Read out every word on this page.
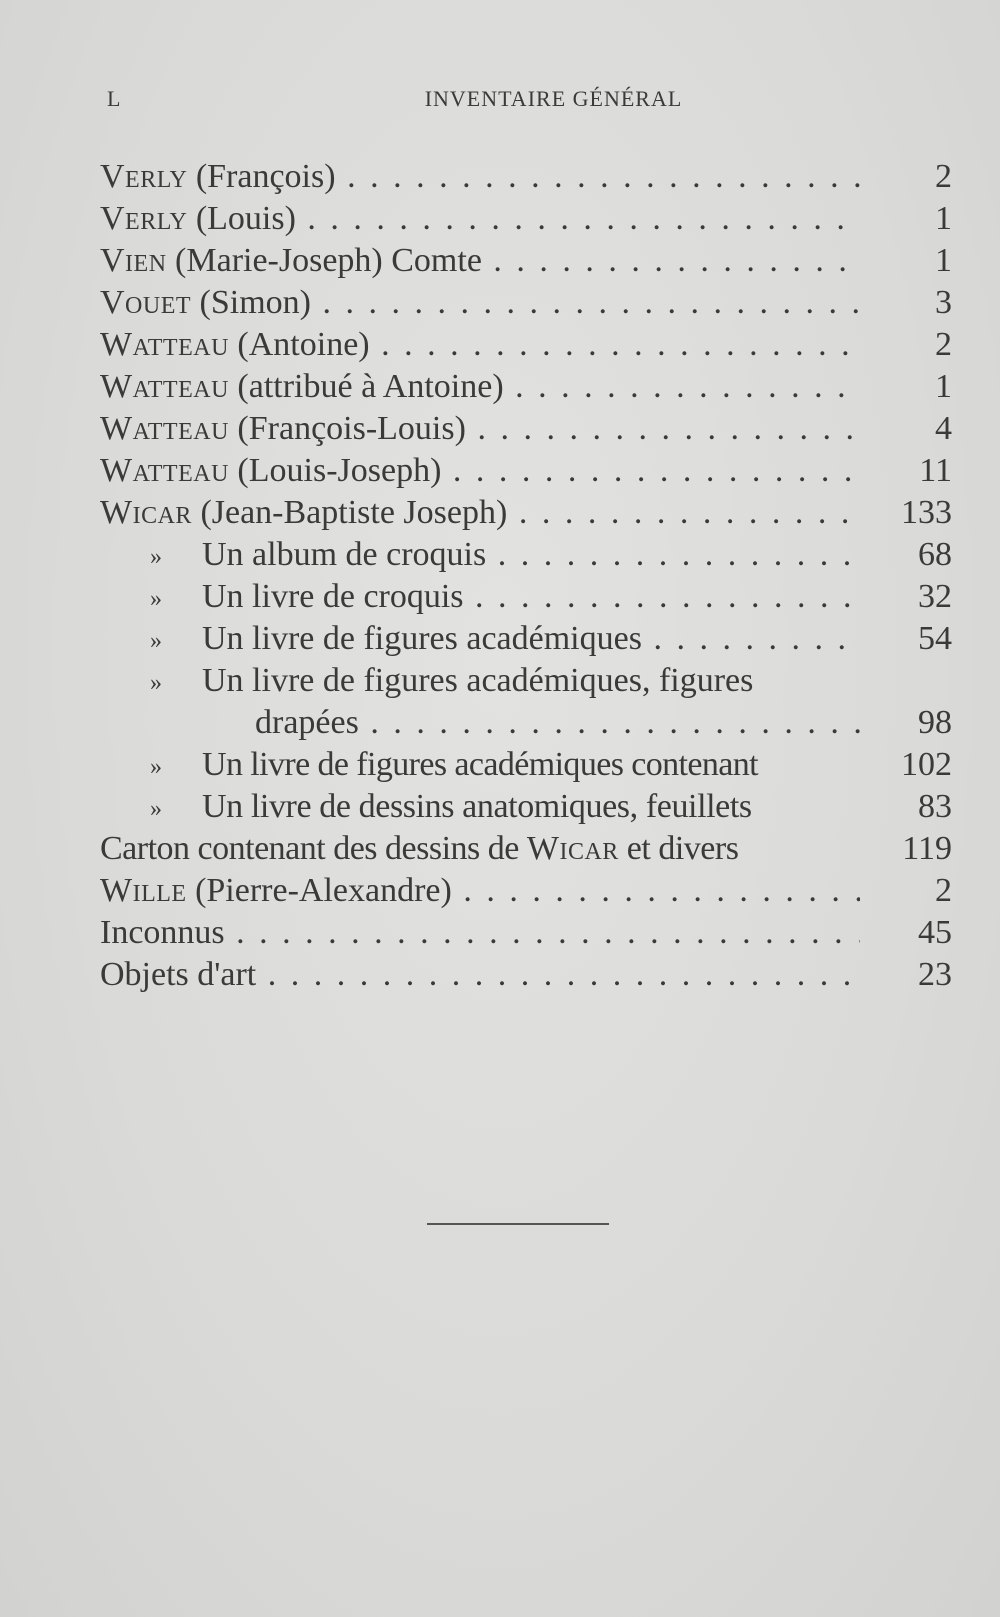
L	INVENTAIRE GÉNÉRAL
Verly (François) . . .	2
Verly (Louis) . . .	1
Vien (Marie-Joseph) Comte . . .	1
Vouet (Simon) . . .	3
Watteau (Antoine) . . .	2
Watteau (attribué à Antoine) . . .	1
Watteau (François-Louis) . . .	4
Watteau (Louis-Joseph) . . .	11
Wicar (Jean-Baptiste Joseph) . . .	133
» Un album de croquis . . .	68
» Un livre de croquis . . .	32
» Un livre de figures académiques . . .	54
» Un livre de figures académiques, figures
drapées . . .	98
» Un livre de figures académiques contenant	102
» Un livre de dessins anatomiques, feuillets	83
Carton contenant des dessins de Wicar et divers	119
Wille (Pierre-Alexandre) . . .	2
Inconnus . . .	45
Objets d'art . . .	23
